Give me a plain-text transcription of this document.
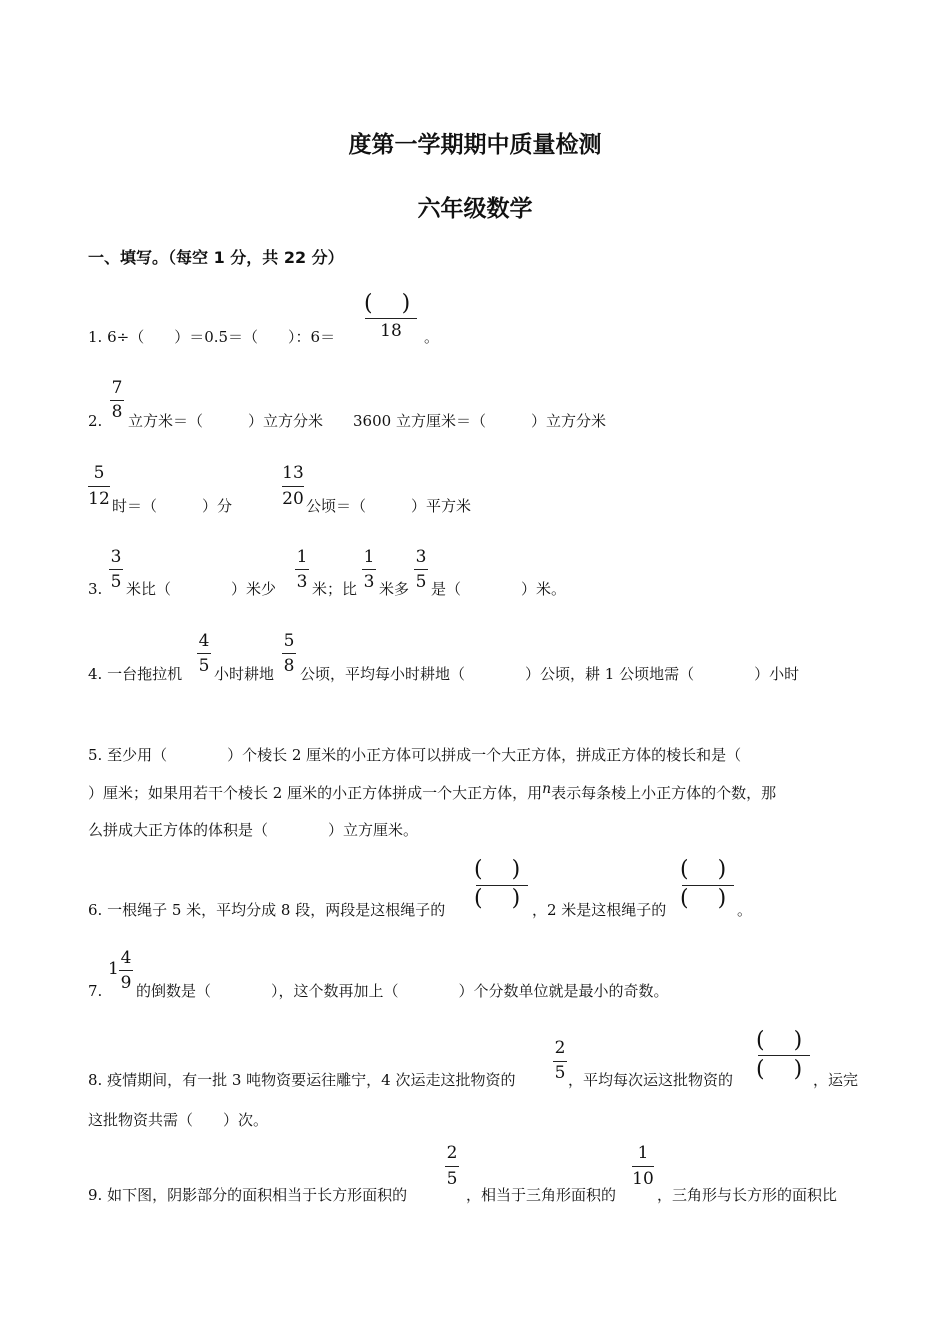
度第一学期期中质量检测
六年级数学
一、填写。（每空 1 分，共 22 分）
(　 )
18
1. 6÷（　　）＝0.5＝（　　）：6＝	。
2.
7
8 立方米＝（　　　）立方分米　　3600 立方厘米＝（　　　）立方分米
5
12 时＝（　　　）分
13
20 公顷＝（　　　）平方米
3.
3
5 米比（　　　　）米少
1
3 米；比
1
3 米多
3
5 是（　　　　）米。
4. 一台拖拉机
4
5 小时耕地
5
8 公顷，平均每小时耕地（　　　　）公顷，耕 1 公顷地需（　　　　）小时
5. 至少用（　　　　）个棱长 2 厘米的小正方体可以拼成一个大正方体，拼成正方体的棱长和是（
）厘米；如果用若干个棱长 2 厘米的小正方体拼成一个大正方体，用n表示每条棱上小正方体的个数，那
么拼成大正方体的体积是（　　　　）立方厘米。
6. 一根绳子 5 米，平均分成 8 段，两段是这根绳子的
(　 )
(　 ) ，2 米是这根绳子的
(　 )
(　 ) 。
7.
1
4
9 的倒数是（　　　　），这个数再加上（　　　　）个分数单位就是最小的奇数。
8. 疫情期间，有一批 3 吨物资要运往雕宁，4 次运走这批物资的
2
5 ，平均每次运这批物资的
(　 )
(　 ) ，运完
这批物资共需（　　）次。
9. 如下图，阴影部分的面积相当于长方形面积的
2
5
，相当于三角形面积的
1
10
，三角形与长方形的面积比
